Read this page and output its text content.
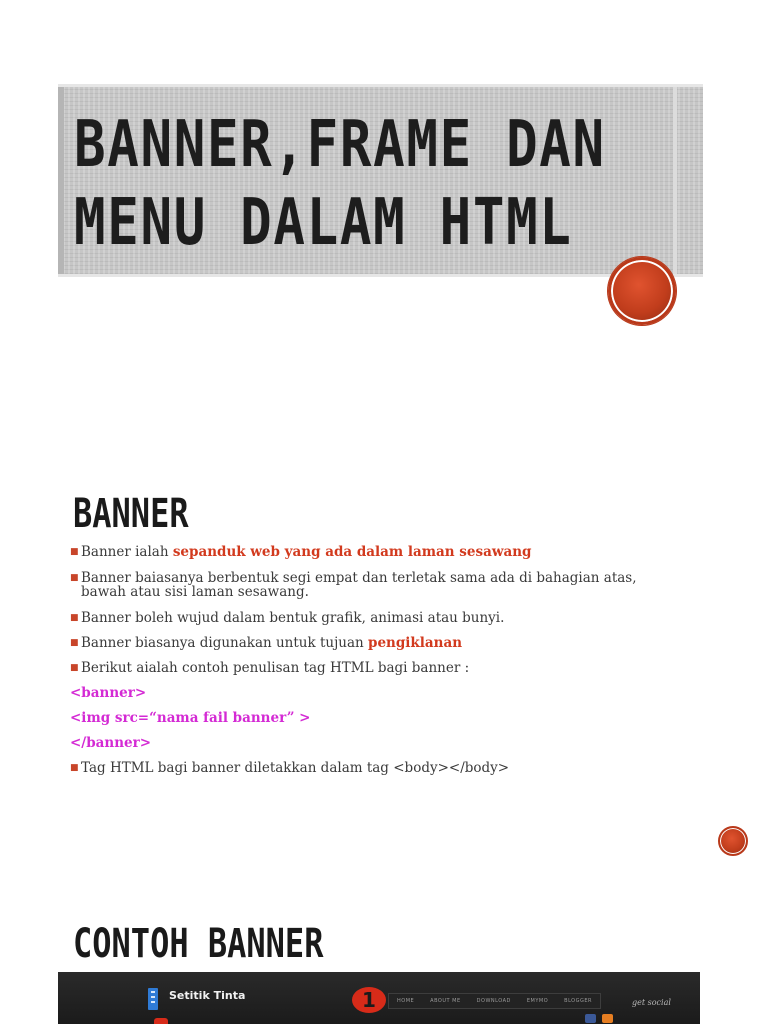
BANNER,FRAME DAN
MENU DALAM HTML
BANNER
■ Banner ialah sepanduk web yang ada dalam laman sesawang
■ Banner baiasanya berbentuk segi empat dan terletak sama ada di bahagian atas,
bawah atau sisi laman sesawang.
■ Banner boleh wujud dalam bentuk grafik, animasi atau bunyi.
■ Banner biasanya digunakan untuk tujuan pengiklanan
■ Berikut aialah contoh penulisan tag HTML bagi banner :
<banner>
<img src=“nama fail banner” >
</banner>
■ Tag HTML bagi banner diletakkan dalam tag <body></body>
CONTOH BANNER
Setitik Tinta	1	HOME	ABOUT ME	DOWNLOAD	EMYMO	BLOGGER	get social
